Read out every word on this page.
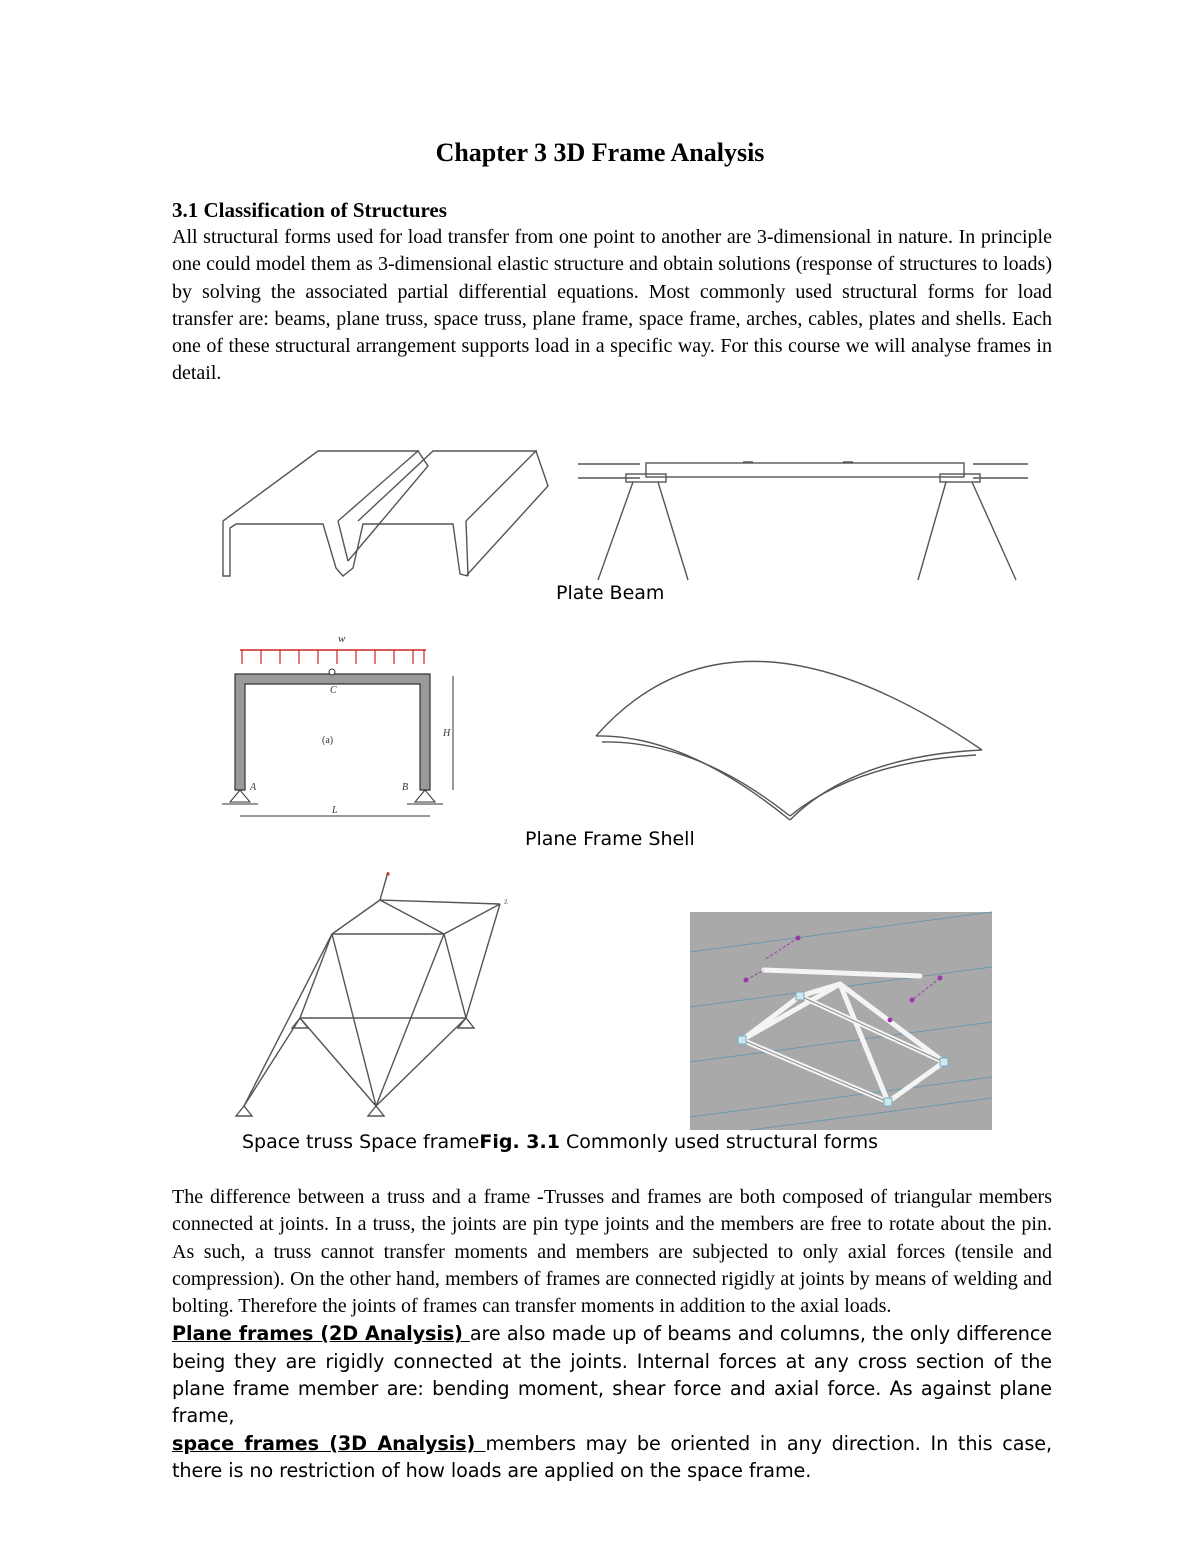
Chapter 3 3D Frame Analysis
3.1 Classification of Structures

All structural forms used for load transfer from one point to another are 3-dimensional in nature. In principle one could model them as 3-dimensional elastic structure and obtain solutions (response of structures to loads) by solving the associated partial differential equations. Most commonly used structural forms for load transfer are: beams, plane truss, space truss, plane frame, space frame, arches, cables, plates and shells. Each one of these structural arrangement supports load in a specific way. For this course we will analyse frames in detail.

Plate Beam
w
C
(a)
A	B
H
L
Plane Frame Shell
z
Space truss Space frameFig. 3.1 Commonly used structural forms

The difference between a truss and a frame -Trusses and frames are both composed of triangular members connected at joints. In a truss, the joints are pin type joints and the members are free to rotate about the pin. As such, a truss cannot transfer moments and members are subjected to only axial forces (tensile and compression). On the other hand, members of frames are connected rigidly at joints by means of welding and bolting. Therefore the joints of frames can transfer moments in addition to the axial loads.

Plane frames (2D Analysis) are also made up of beams and columns, the only difference being they are rigidly connected at the joints. Internal forces at any cross section of the plane frame member are: bending moment, shear force and axial force. As against plane frame,

space frames (3D Analysis) members may be oriented in any direction. In this case, there is no restriction of how loads are applied on the space frame.
